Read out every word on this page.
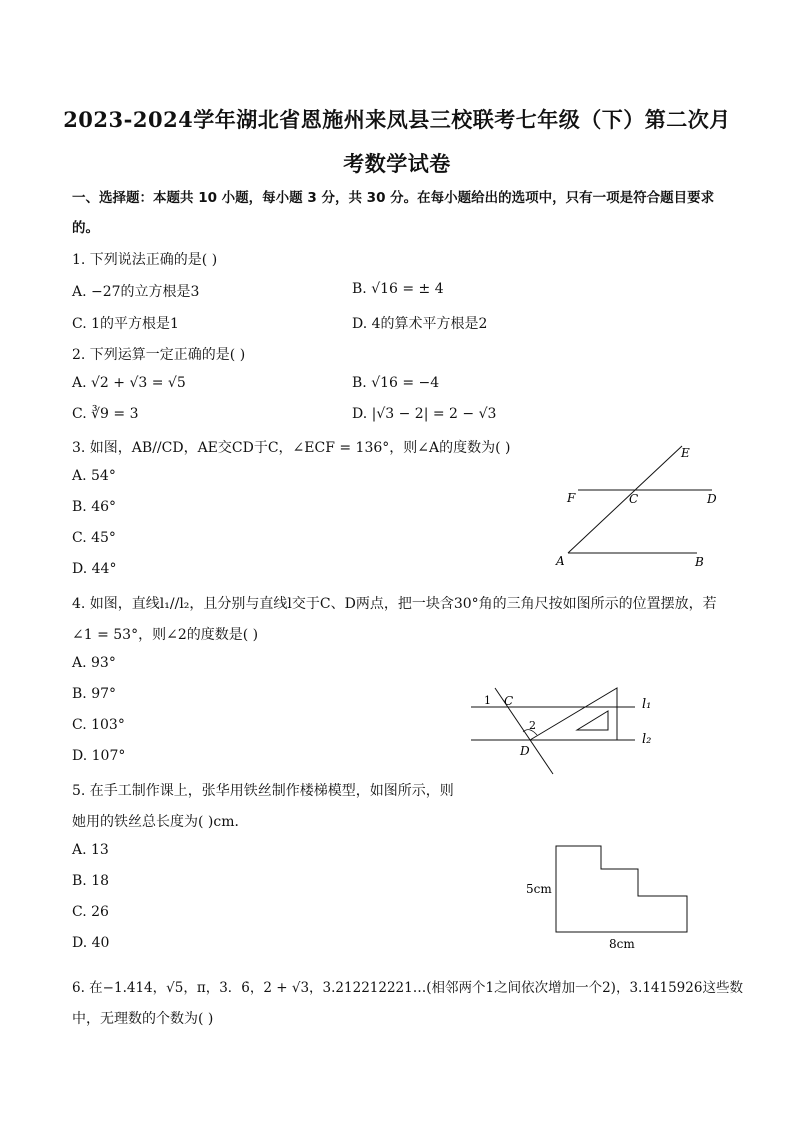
2023-2024学年湖北省恩施州来凤县三校联考七年级（下）第二次月
考数学试卷
一、选择题：本题共 10 小题，每小题 3 分，共 30 分。在每小题给出的选项中，只有一项是符合题目要求
的。
1. 下列说法正确的是( )
A. −27的立方根是3	B. √16 = ± 4
C. 1的平方根是1	D. 4的算术平方根是2
2. 下列运算一定正确的是( )
A. √2 + √3 = √5	B. √16 = −4
C. ∛9 = 3	D. |√3 − 2| = 2 − √3
3. 如图，AB//CD，AE交CD于C，∠ECF = 136°，则∠A的度数为( )
A. 54°
B. 46°
C. 45°
D. 44°
E
F	C	D
A	B
4. 如图，直线l₁//l₂，且分别与直线l交于C、D两点，把一块含30°角的三角尺按如图所示的位置摆放，若
∠1 = 53°，则∠2的度数是( )
A. 93°
B. 97°
C. 103°
D. 107°
1 C
2
D
l₁
l₂
5. 在手工制作课上，张华用铁丝制作楼梯模型，如图所示，则
她用的铁丝总长度为( )cm．
A. 13
B. 18
C. 26
D. 40
5cm
8cm
6. 在−1.414，√5，π，3．6̇，2 + √3，3.212212221…(相邻两个1之间依次增加一个2)，3.1415926这些数
中，无理数的个数为( )
